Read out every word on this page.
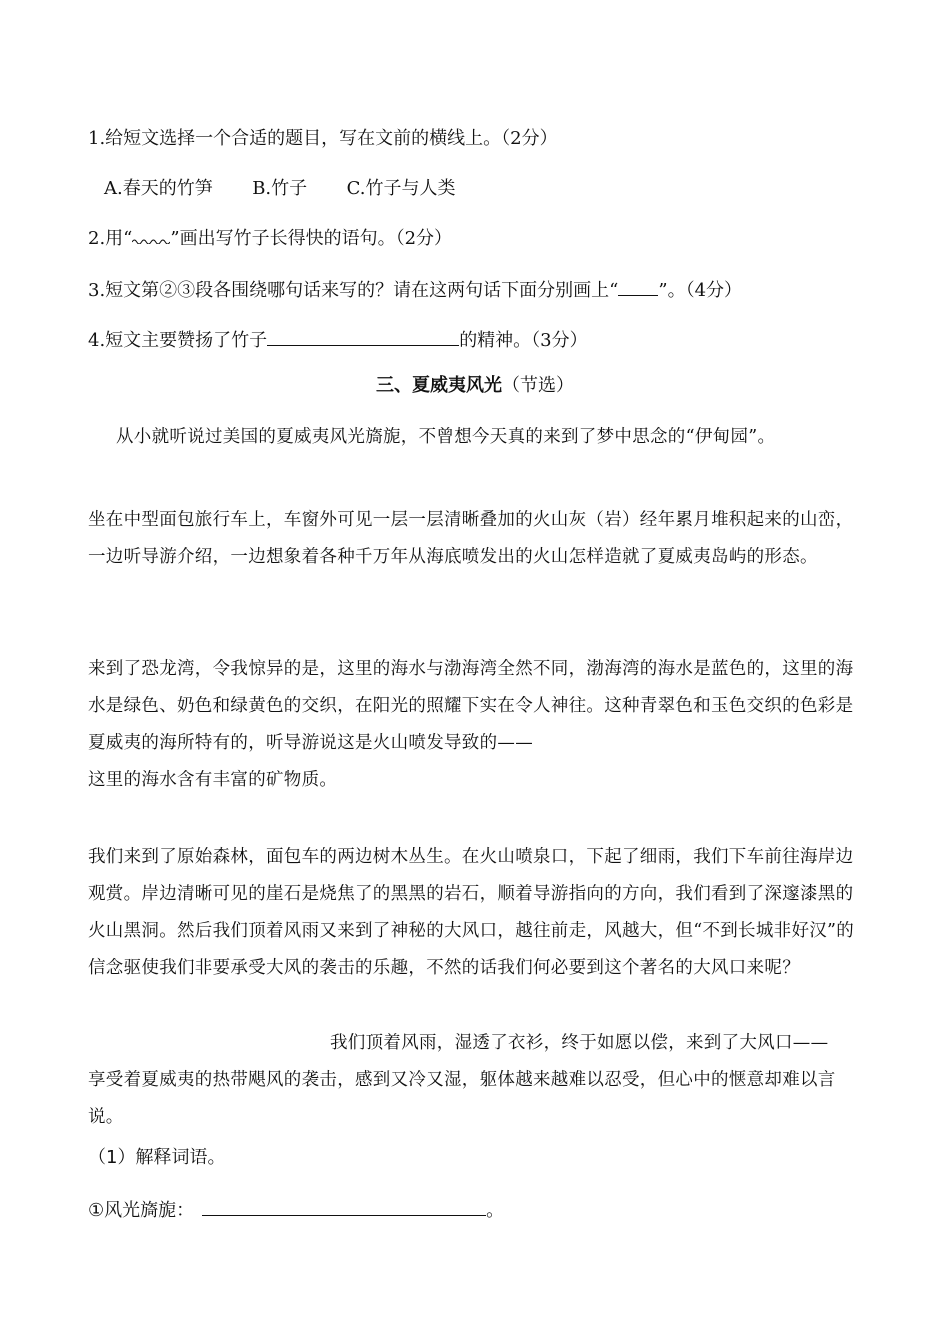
1.给短文选择一个合适的题目，写在文前的横线上。（2分）
A.春天的竹笋 B.竹子 C.竹子与人类
2.用“ ”画出写竹子长得快的语句。（2分）
3.短文第②③段各围绕哪句话来写的？请在这两句话下面分别画上“ ”。（4分）
4.短文主要赞扬了竹子	的精神。（3分）
三、夏威夷风光（节选）
从小就听说过美国的夏威夷风光旖旎，不曾想今天真的来到了梦中思念的“伊甸园”。
坐在中型面包旅行车上，车窗外可见一层一层清晰叠加的火山灰（岩）经年累月堆积起来的山峦，一边听导游介绍，一边想象着各种千万年从海底喷发出的火山怎样造就了夏威夷岛屿的形态。
来到了恐龙湾，令我惊异的是，这里的海水与渤海湾全然不同，渤海湾的海水是蓝色的，这里的海水是绿色、奶色和绿黄色的交织，在阳光的照耀下实在令人神往。这种青翠色和玉色交织的色彩是夏威夷的海所特有的，听导游说这是火山喷发导致的——
这里的海水含有丰富的矿物质。
我们来到了原始森林，面包车的两边树木丛生。在火山喷泉口，下起了细雨，我们下车前往海岸边观赏。岸边清晰可见的崖石是烧焦了的黑黑的岩石，顺着导游指向的方向，我们看到了深邃漆黑的火山黑洞。然后我们顶着风雨又来到了神秘的大风口，越往前走，风越大，但“不到长城非好汉”的信念驱使我们非要承受大风的袭击的乐趣，不然的话我们何必要到这个著名的大风口来呢？
我们顶着风雨，湿透了衣衫，终于如愿以偿，来到了大风口——
享受着夏威夷的热带飓风的袭击，感到又冷又湿，躯体越来越难以忍受，但心中的惬意却难以言说。
（1）解释词语。
①风光旖旎：	。
